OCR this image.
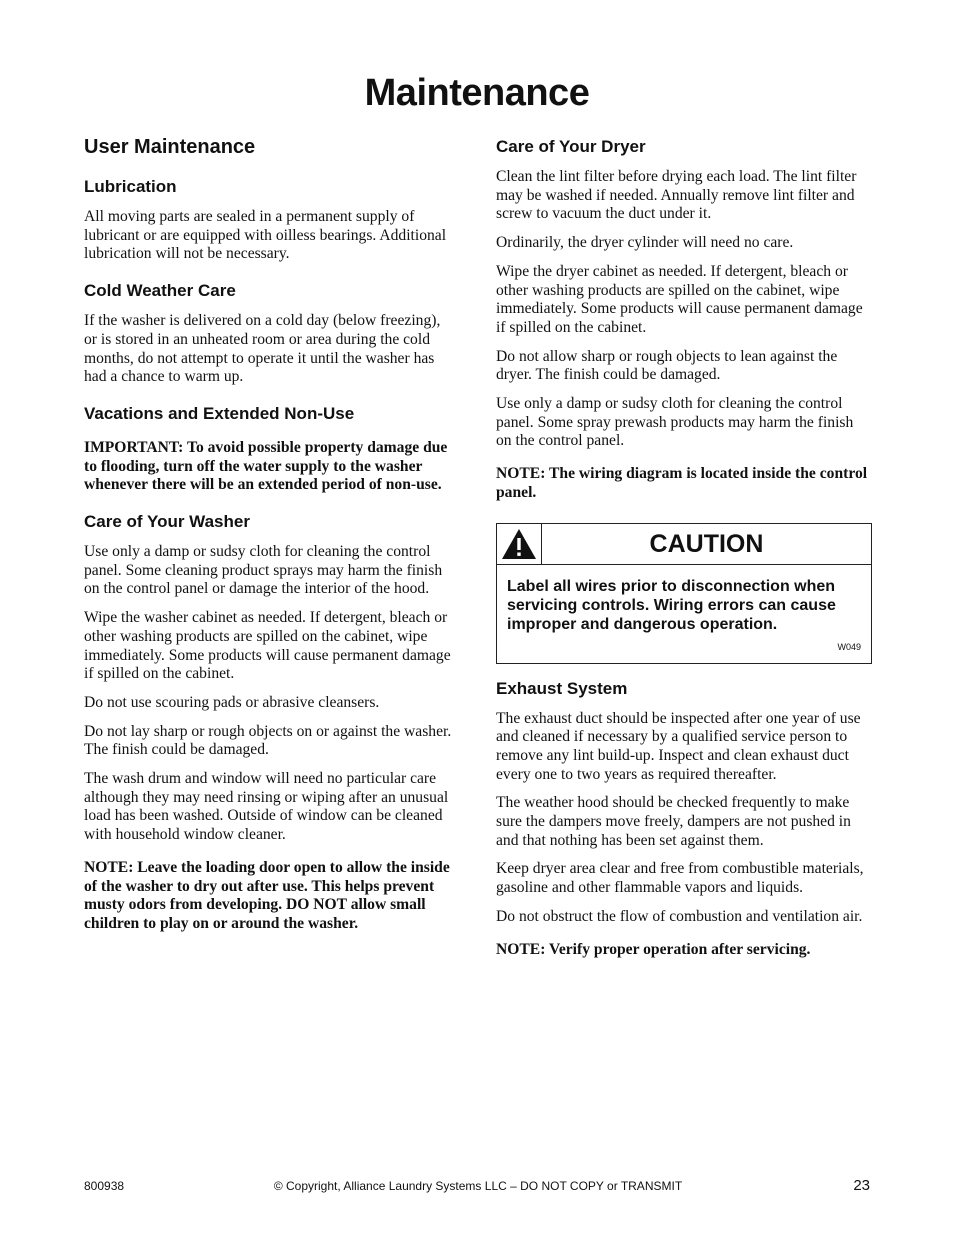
Maintenance
User Maintenance
Lubrication

All moving parts are sealed in a permanent supply of lubricant or are equipped with oilless bearings. Additional lubrication will not be necessary.

Cold Weather Care

If the washer is delivered on a cold day (below freezing), or is stored in an unheated room or area during the cold months, do not attempt to operate it until the washer has had a chance to warm up.

Vacations and Extended Non-Use

IMPORTANT: To avoid possible property damage due to flooding, turn off the water supply to the washer whenever there will be an extended period of non-use.

Care of Your Washer

Use only a damp or sudsy cloth for cleaning the control panel. Some cleaning product sprays may harm the finish on the control panel or damage the interior of the hood.

Wipe the washer cabinet as needed. If detergent, bleach or other washing products are spilled on the cabinet, wipe immediately. Some products will cause permanent damage if spilled on the cabinet.

Do not use scouring pads or abrasive cleansers.

Do not lay sharp or rough objects on or against the washer. The finish could be damaged.

The wash drum and window will need no particular care although they may need rinsing or wiping after an unusual load has been washed. Outside of window can be cleaned with household window cleaner.

NOTE: Leave the loading door open to allow the inside of the washer to dry out after use. This helps prevent musty odors from developing. DO NOT allow small children to play on or around the washer.

Care of Your Dryer

Clean the lint filter before drying each load. The lint filter may be washed if needed. Annually remove lint filter and screw to vacuum the duct under it.

Ordinarily, the dryer cylinder will need no care.

Wipe the dryer cabinet as needed. If detergent, bleach or other washing products are spilled on the cabinet, wipe immediately. Some products will cause permanent damage if spilled on the cabinet.

Do not allow sharp or rough objects to lean against the dryer. The finish could be damaged.

Use only a damp or sudsy cloth for cleaning the control panel. Some spray prewash products may harm the finish on the control panel.

NOTE: The wiring diagram is located inside the control panel.

CAUTION
Label all wires prior to disconnection when servicing controls. Wiring errors can cause improper and dangerous operation.
W049
Exhaust System

The exhaust duct should be inspected after one year of use and cleaned if necessary by a qualified service person to remove any lint build-up. Inspect and clean exhaust duct every one to two years as required thereafter.

The weather hood should be checked frequently to make sure the dampers move freely, dampers are not pushed in and that nothing has been set against them.

Keep dryer area clear and free from combustible materials, gasoline and other flammable vapors and liquids.

Do not obstruct the flow of combustion and ventilation air.

NOTE: Verify proper operation after servicing.

800938	© Copyright, Alliance Laundry Systems LLC – DO NOT COPY or TRANSMIT	23
